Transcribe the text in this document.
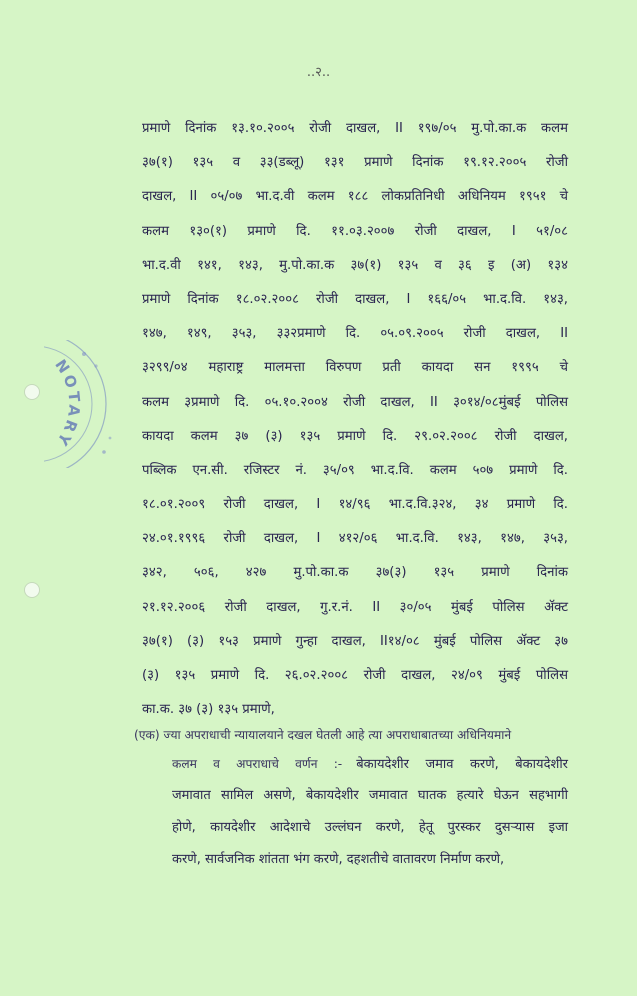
..२..
NOTARY
प्रमाणे दिनांक १३.१०.२००५ रोजी दाखल, II १९७/०५ मु.पो.का.क कलम
३७(१) १३५ व ३३(डब्लू) १३१ प्रमाणे दिनांक १९.१२.२००५ रोजी
दाखल, II ०५/०७ भा.द.वी कलम १८८ लोकप्रतिनिधी अधिनियम १९५१ चे
कलम १३०(१) प्रमाणे दि. ११.०३.२००७ रोजी दाखल, I ५१/०८
भा.द.वी १४१, १४३, मु.पो.का.क ३७(१) १३५ व ३६ इ (अ) १३४
प्रमाणे दिनांक १८.०२.२००८ रोजी दाखल, I १६६/०५ भा.द.वि. १४३,
१४७, १४९, ३५३, ३३२प्रमाणे दि. ०५.०९.२००५ रोजी दाखल, II
३२९९/०४ महाराष्ट्र मालमत्ता विरुपण प्रती कायदा सन १९९५ चे
कलम ३प्रमाणे दि. ०५.१०.२००४ रोजी दाखल, II ३०१४/०८मुंबई पोलिस
कायदा कलम ३७ (३) १३५ प्रमाणे दि. २९.०२.२००८ रोजी दाखल,
पब्लिक एन.सी. रजिस्टर नं. ३५/०९ भा.द.वि. कलम ५०७ प्रमाणे दि.
१८.०१.२००९ रोजी दाखल, I १४/९६ भा.द.वि.३२४, ३४ प्रमाणे दि.
२४.०१.१९९६ रोजी दाखल, I ४१२/०६ भा.द.वि. १४३, १४७, ३५३,
३४२, ५०६, ४२७ मु.पो.का.क ३७(३) १३५ प्रमाणे दिनांक
२१.१२.२००६ रोजी दाखल, गु.र.नं. II ३०/०५ मुंबई पोलिस ॲक्ट
३७(१) (३) १५३ प्रमाणे गुन्हा दाखल, II१४/०८ मुंबई पोलिस ॲक्ट ३७
(३) १३५ प्रमाणे दि. २६.०२.२००८ रोजी दाखल, २४/०९ मुंबई पोलिस
का.क. ३७ (३) १३५ प्रमाणे,
(एक) ज्या अपराधाची न्यायालयाने दखल घेतली आहे त्या अपराधाबातच्या अधिनियमाने
कलम व अपराधाचे वर्णन :- बेकायदेशीर जमाव करणे, बेकायदेशीर
जमावात सामिल असणे, बेकायदेशीर जमावात घातक हत्यारे घेऊन सहभागी
होणे, कायदेशीर आदेशाचे उल्लंघन करणे, हेतू पुरस्कर दुसऱ्यास इजा
करणे, सार्वजनिक शांतता भंग करणे, दहशतीचे वातावरण निर्माण करणे,
